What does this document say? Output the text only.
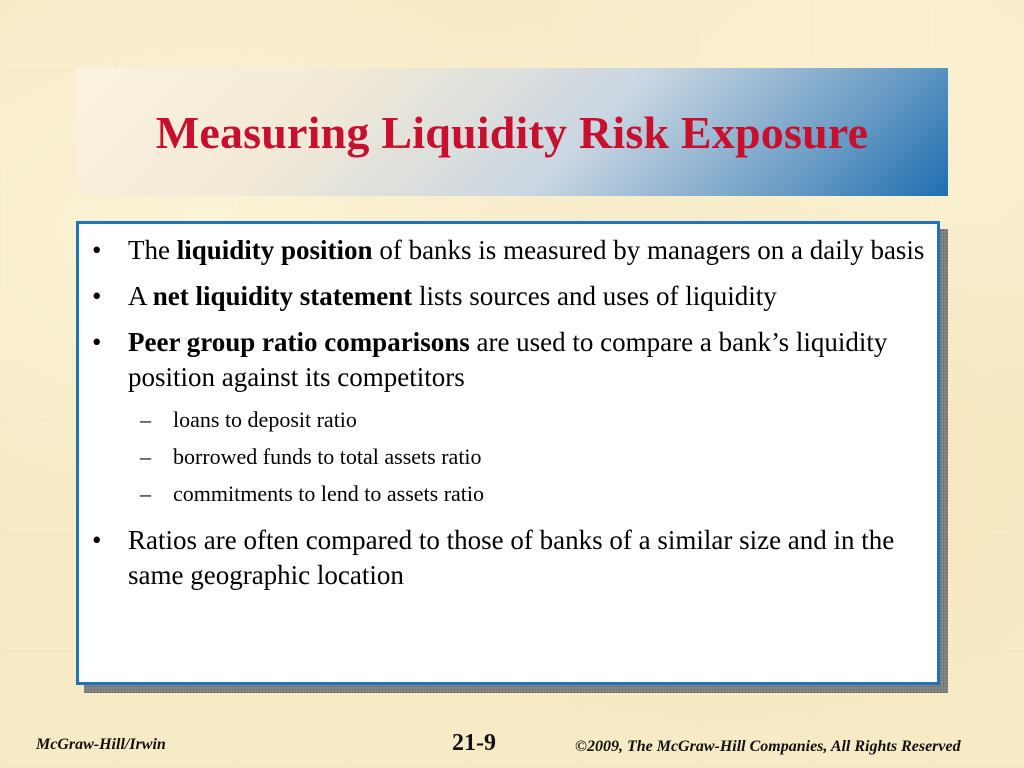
Measuring Liquidity Risk Exposure
• The liquidity position of banks is measured by managers on a daily basis
• A net liquidity statement lists sources and uses of liquidity
• Peer group ratio comparisons are used to compare a bank’s liquidity position against its competitors
– loans to deposit ratio
– borrowed funds to total assets ratio
– commitments to lend to assets ratio
• Ratios are often compared to those of banks of a similar size and in the same geographic location
McGraw-Hill/Irwin	21-9	©2009, The McGraw-Hill Companies, All Rights Reserved
